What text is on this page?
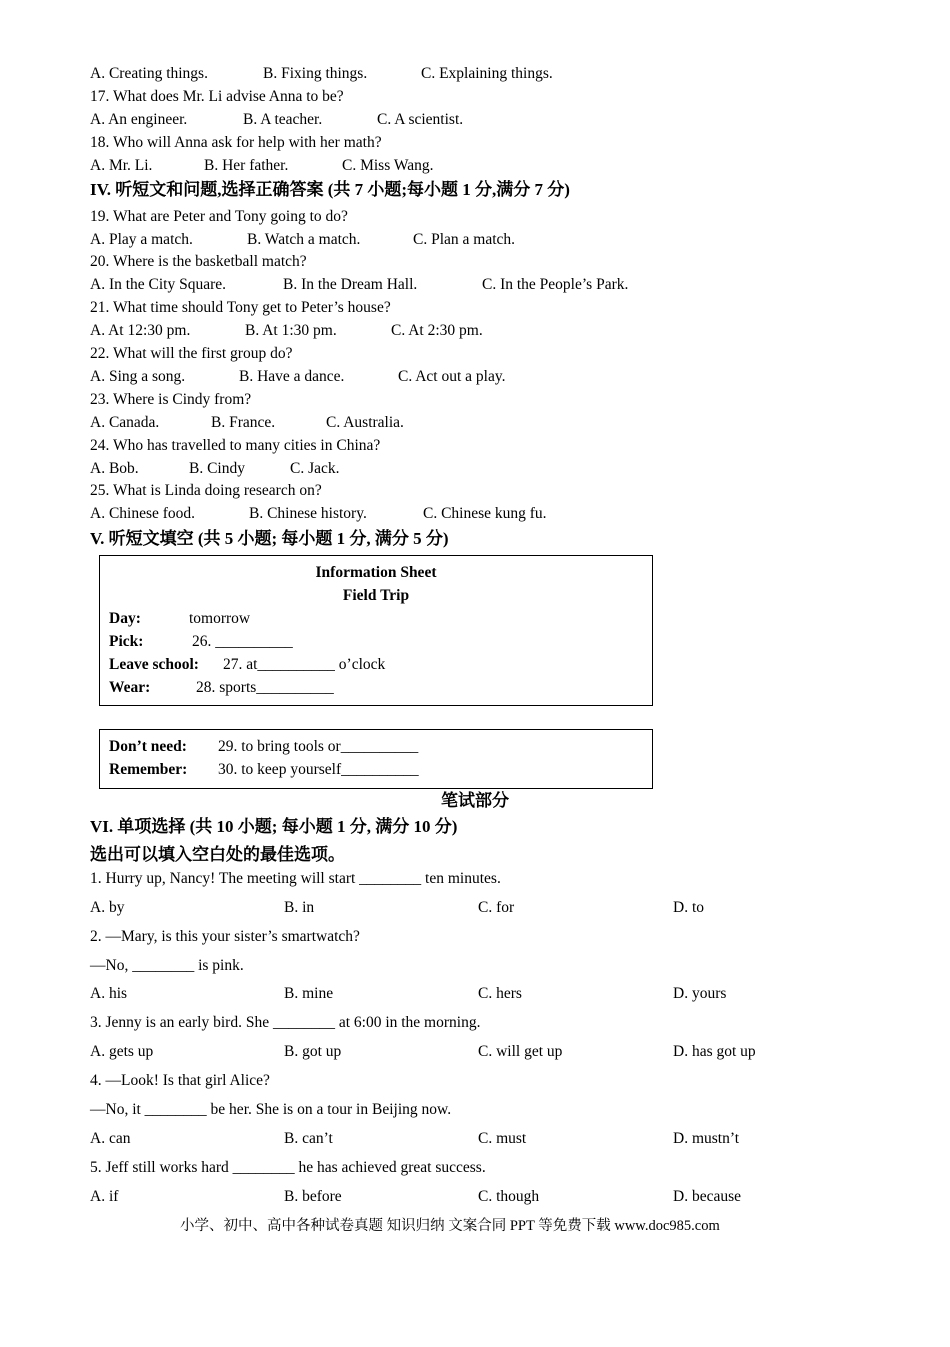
A. Creating things.	B. Fixing things.	C. Explaining things.
17. What does Mr. Li advise Anna to be?
A. An engineer.	B. A teacher.	C. A scientist.
18. Who will Anna ask for help with her math?
A. Mr. Li.	B. Her father.	C. Miss Wang.
IV. 听短文和问题,选择正确答案 (共 7 小题;每小题 1 分,满分 7 分)
19. What are Peter and Tony going to do?
A. Play a match.	B. Watch a match.	C. Plan a match.
20. Where is the basketball match?
A. In the City Square.	B. In the Dream Hall.	C. In the People’s Park.
21. What time should Tony get to Peter’s house?
A. At 12:30 pm.	B. At 1:30 pm.	C. At 2:30 pm.
22. What will the first group do?
A. Sing a song.	B. Have a dance.	C. Act out a play.
23. Where is Cindy from?
A. Canada.	B. France.	C. Australia.
24. Who has travelled to many cities in China?
A. Bob.	B. Cindy	C. Jack.
25. What is Linda doing research on?
A. Chinese food.	B. Chinese history.	C. Chinese kung fu.
V. 听短文填空 (共 5 小题; 每小题 1 分, 满分 5 分)
Information Sheet
Field Trip
Day:	tomorrow
Pick:	26. __________
Leave school: 27. at__________ o’clock
Wear:	28. sports__________
Don’t need: 29. to bring tools or__________
Remember: 30. to keep yourself__________
笔试部分
VI. 单项选择 (共 10 小题; 每小题 1 分, 满分 10 分)
选出可以填入空白处的最佳选项。
1. Hurry up, Nancy! The meeting will start ________ ten minutes.
A. by	B. in	C. for	D. to
2. —Mary, is this your sister’s smartwatch?
—No, ________ is pink.
A. his	B. mine	C. hers	D. yours
3. Jenny is an early bird. She ________ at 6:00 in the morning.
A. gets up	B. got up	C. will get up	D. has got up
4. —Look! Is that girl Alice?
—No, it ________ be her. She is on a tour in Beijing now.
A. can	B. can’t	C. must	D. mustn’t
5. Jeff still works hard ________ he has achieved great success.
A. if	B. before	C. though	D. because
小学、初中、高中各种试卷真题 知识归纳 文案合同 PPT 等免费下载 www.doc985.com
